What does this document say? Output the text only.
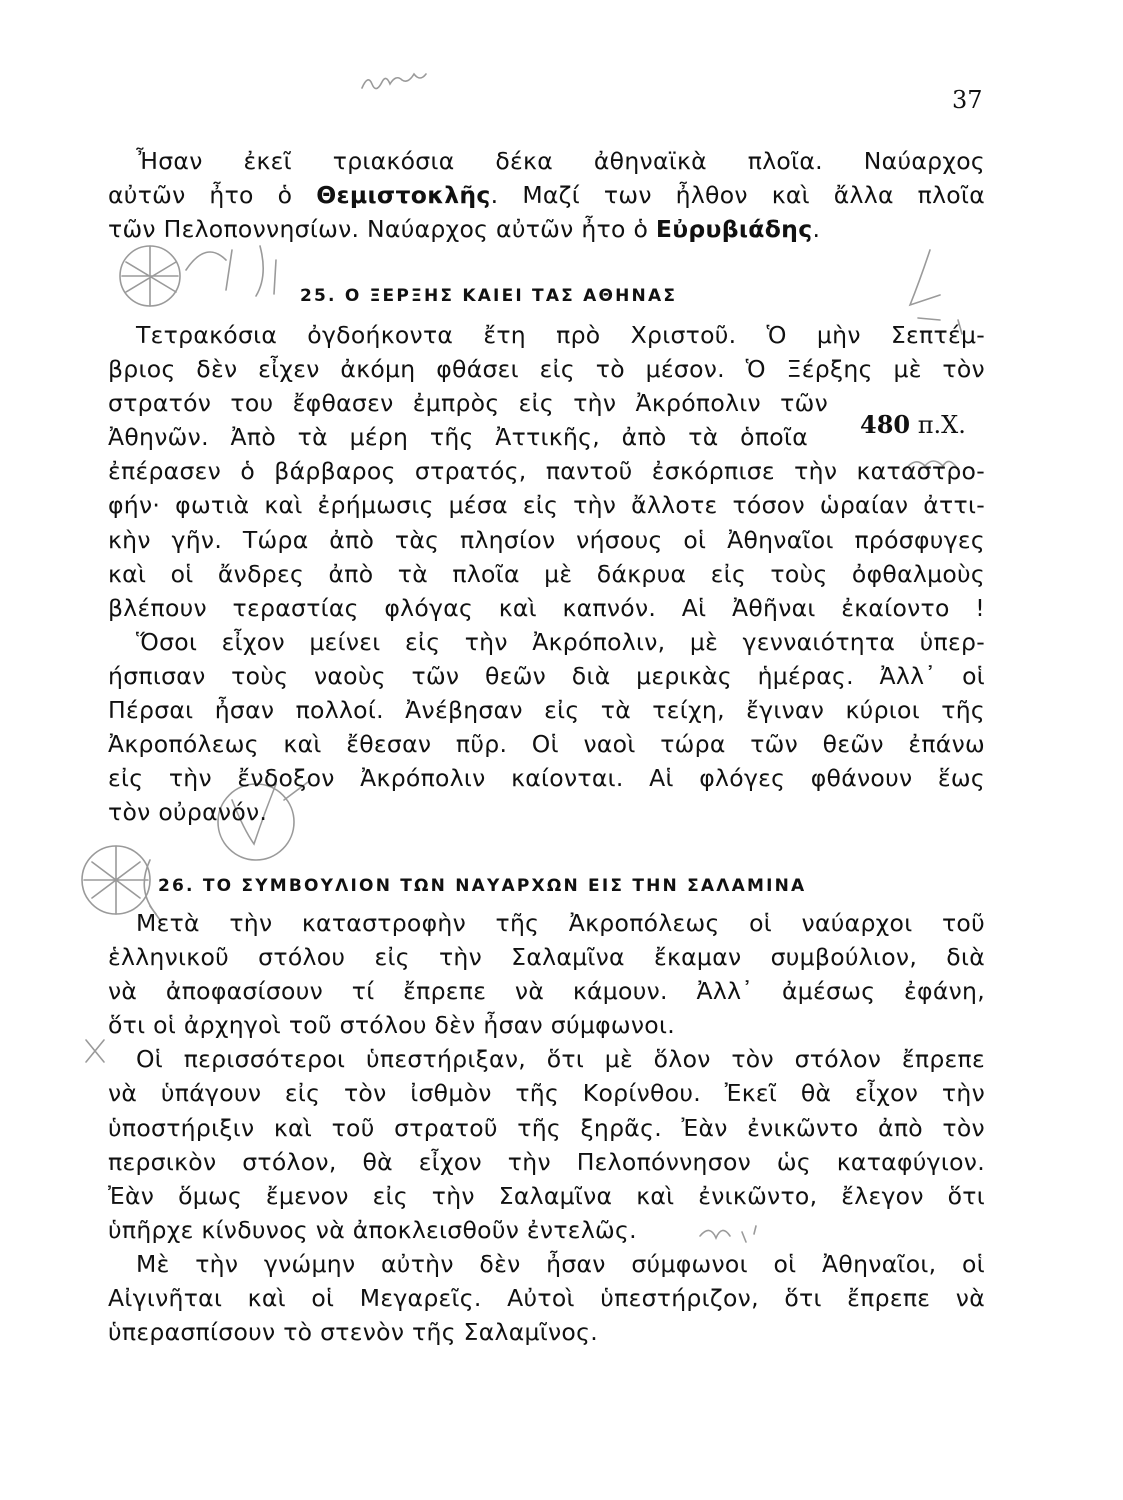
37
Ἦσαν ἐκεῖ τριακόσια δέκα ἀθηναϊκὰ πλοῖα. Ναύαρχος
αὐτῶν ἦτο ὁ Θεμιστοκλῆς. Μαζί των ἦλθον καὶ ἄλλα πλοῖα
τῶν Πελοποννησίων. Ναύαρχος αὐτῶν ἦτο ὁ Εὐρυβιάδης.
25. Ο ΞΕΡΞΗΣ ΚΑΙΕΙ ΤΑΣ ΑΘΗΝΑΣ
480 π.Χ.
Τετρακόσια ὀγδοήκοντα ἔτη πρὸ Χριστοῦ. Ὁ μὴν Σεπτέμ-
βριος δὲν εἶχεν ἀκόμη φθάσει εἰς τὸ μέσον. Ὁ Ξέρξης μὲ τὸν
στρατόν του ἔφθασεν ἐμπρὸς εἰς τὴν Ἀκρόπολιν τῶν
Ἀθηνῶν. Ἀπὸ τὰ μέρη τῆς Ἀττικῆς, ἀπὸ τὰ ὁποῖα
ἐπέρασεν ὁ βάρβαρος στρατός, παντοῦ ἐσκόρπισε τὴν καταστρο-
φήν· φωτιὰ καὶ ἐρήμωσις μέσα εἰς τὴν ἄλλοτε τόσον ὡραίαν ἀττι-
κὴν γῆν. Τώρα ἀπὸ τὰς πλησίον νήσους οἱ Ἀθηναῖοι πρόσφυγες
καὶ οἱ ἄνδρες ἀπὸ τὰ πλοῖα μὲ δάκρυα εἰς τοὺς ὀφθαλμοὺς
βλέπουν τεραστίας φλόγας καὶ καπνόν. Αἱ Ἀθῆναι ἐκαίοντο !
Ὅσοι εἶχον μείνει εἰς τὴν Ἀκρόπολιν, μὲ γενναιότητα ὑπερ-
ήσπισαν τοὺς ναοὺς τῶν θεῶν διὰ μερικὰς ἡμέρας. Ἀλλ᾽ οἱ
Πέρσαι ἦσαν πολλοί. Ἀνέβησαν εἰς τὰ τείχη, ἔγιναν κύριοι τῆς
Ἀκροπόλεως καὶ ἔθεσαν πῦρ. Οἱ ναοὶ τώρα τῶν θεῶν ἐπάνω
εἰς τὴν ἔνδοξον Ἀκρόπολιν καίονται. Αἱ φλόγες φθάνουν ἕως
τὸν οὐρανόν.
26. ΤΟ ΣΥΜΒΟΥΛΙΟΝ ΤΩΝ ΝΑΥΑΡΧΩΝ ΕΙΣ ΤΗΝ ΣΑΛΑΜΙΝΑ
Μετὰ τὴν καταστροφὴν τῆς Ἀκροπόλεως οἱ ναύαρχοι τοῦ
ἑλληνικοῦ στόλου εἰς τὴν Σαλαμῖνα ἔκαμαν συμβούλιον, διὰ
νὰ ἀποφασίσουν τί ἔπρεπε νὰ κάμουν. Ἀλλ᾽ ἀμέσως ἐφάνη,
ὅτι οἱ ἀρχηγοὶ τοῦ στόλου δὲν ἦσαν σύμφωνοι.
Οἱ περισσότεροι ὑπεστήριξαν, ὅτι μὲ ὅλον τὸν στόλον ἔπρεπε
νὰ ὑπάγουν εἰς τὸν ἰσθμὸν τῆς Κορίνθου. Ἐκεῖ θὰ εἶχον τὴν
ὑποστήριξιν καὶ τοῦ στρατοῦ τῆς ξηρᾶς. Ἐὰν ἐνικῶντο ἀπὸ τὸν
περσικὸν στόλον, θὰ εἶχον τὴν Πελοπόννησον ὡς καταφύγιον.
Ἐὰν ὅμως ἔμενον εἰς τὴν Σαλαμῖνα καὶ ἐνικῶντο, ἔλεγον ὅτι
ὑπῆρχε κίνδυνος νὰ ἀποκλεισθοῦν ἐντελῶς.
Μὲ τὴν γνώμην αὐτὴν δὲν ἦσαν σύμφωνοι οἱ Ἀθηναῖοι, οἱ
Αἰγινῆται καὶ οἱ Μεγαρεῖς. Αὐτοὶ ὑπεστήριζον, ὅτι ἔπρεπε νὰ
ὑπερασπίσουν τὸ στενὸν τῆς Σαλαμῖνος.
